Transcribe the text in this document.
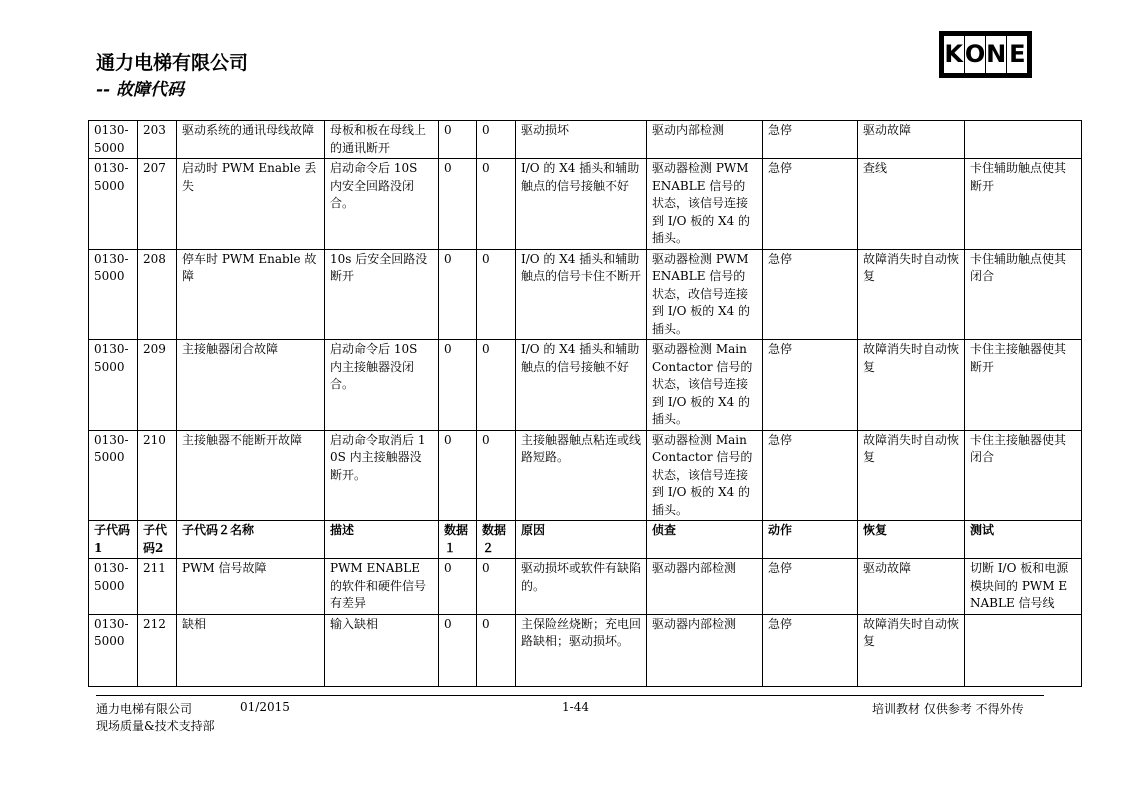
通力电梯有限公司
-- 故障代码
K O N E
0130-5000	203	驱动系统的通讯母线故障	母板和板在母线上的通讯断开	0	0	驱动损坏	驱动内部检测	急停	驱动故障	
0130-5000	207	启动时 PWM Enable 丢失	启动命令后 10S 内安全回路没闭合。	0	0	I/O 的 X4 插头和辅助触点的信号接触不好	驱动器检测 PWM ENABLE 信号的状态，该信号连接到 I/O 板的 X4 的插头。	急停	查线	卡住辅助触点使其断开
0130-5000	208	停车时 PWM Enable 故障	10s 后安全回路没断开	0	0	I/O 的 X4 插头和辅助触点的信号卡住不断开	驱动器检测 PWM ENABLE 信号的状态，改信号连接到 I/O 板的 X4 的插头。	急停	故障消失时自动恢复	卡住辅助触点使其闭合
0130-5000	209	主接触器闭合故障	启动命令后 10S 内主接触器没闭合。	0	0	I/O 的 X4 插头和辅助触点的信号接触不好	驱动器检测 Main Contactor 信号的状态，该信号连接到 I/O 板的 X4 的插头。	急停	故障消失时自动恢复	卡住主接触器使其断开
0130-5000	210	主接触器不能断开故障	启动命令取消后 10S 内主接触器没断开。	0	0	主接触器触点粘连或线路短路。	驱动器检测 Main Contactor 信号的状态，该信号连接到 I/O 板的 X4 的插头。	急停	故障消失时自动恢复	卡住主接触器使其闭合
子代码1	子代码2	子代码２名称	描述	数据１	数据２	原因	侦查	动作	恢复	测试
0130-5000	211	PWM 信号故障	PWM ENABLE 的软件和硬件信号有差异	0	0	驱动损坏或软件有缺陷的。	驱动器内部检测	急停	驱动故障	切断 I/O 板和电源模块间的 PWM ENABLE 信号线
0130-5000	212	缺相	输入缺相	0	0	主保险丝烧断；充电回路缺相；驱动损坏。	驱动器内部检测	急停	故障消失时自动恢复	
通力电梯有限公司	01/2015	1-44	培训教材 仅供参考 不得外传
现场质量&技术支持部
